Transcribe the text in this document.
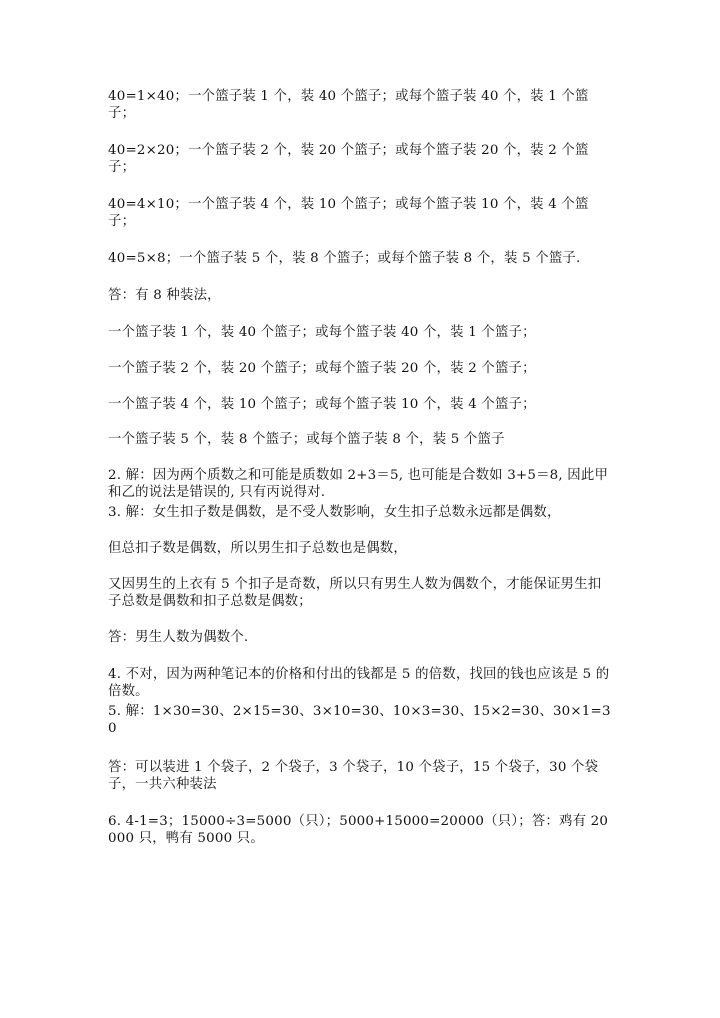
40=1×40；一个篮子装 1 个，装 40 个篮子；或每个篮子装 40 个，装 1 个篮子；

40=2×20；一个篮子装 2 个，装 20 个篮子；或每个篮子装 20 个，装 2 个篮子；

40=4×10；一个篮子装 4 个，装 10 个篮子；或每个篮子装 10 个，装 4 个篮子；

40=5×8；一个篮子装 5 个，装 8 个篮子；或每个篮子装 8 个，装 5 个篮子.

答：有 8 种装法，

一个篮子装 1 个，装 40 个篮子；或每个篮子装 40 个，装 1 个篮子；

一个篮子装 2 个，装 20 个篮子；或每个篮子装 20 个，装 2 个篮子；

一个篮子装 4 个，装 10 个篮子；或每个篮子装 10 个，装 4 个篮子；

一个篮子装 5 个，装 8 个篮子；或每个篮子装 8 个，装 5 个篮子

2. 解：因为两个质数之和可能是质数如 2+3＝5, 也可能是合数如 3+5＝8, 因此甲和乙的说法是错误的, 只有丙说得对.

3. 解：女生扣子数是偶数，是不受人数影响，女生扣子总数永远都是偶数，

但总扣子数是偶数，所以男生扣子总数也是偶数，

又因男生的上衣有 5 个扣子是奇数，所以只有男生人数为偶数个，才能保证男生扣子总数是偶数和扣子总数是偶数；

答：男生人数为偶数个.

4. 不对，因为两种笔记本的价格和付出的钱都是 5 的倍数，找回的钱也应该是 5 的倍数。

5. 解：1×30=30、2×15=30、3×10=30、10×3=30、15×2=30、30×1=30

答：可以装进 1 个袋子，2 个袋子，3 个袋子，10 个袋子，15 个袋子，30 个袋子，一共六种装法

6. 4-1=3；15000÷3=5000（只）；5000+15000=20000（只）；答：鸡有 20000 只，鸭有 5000 只。
